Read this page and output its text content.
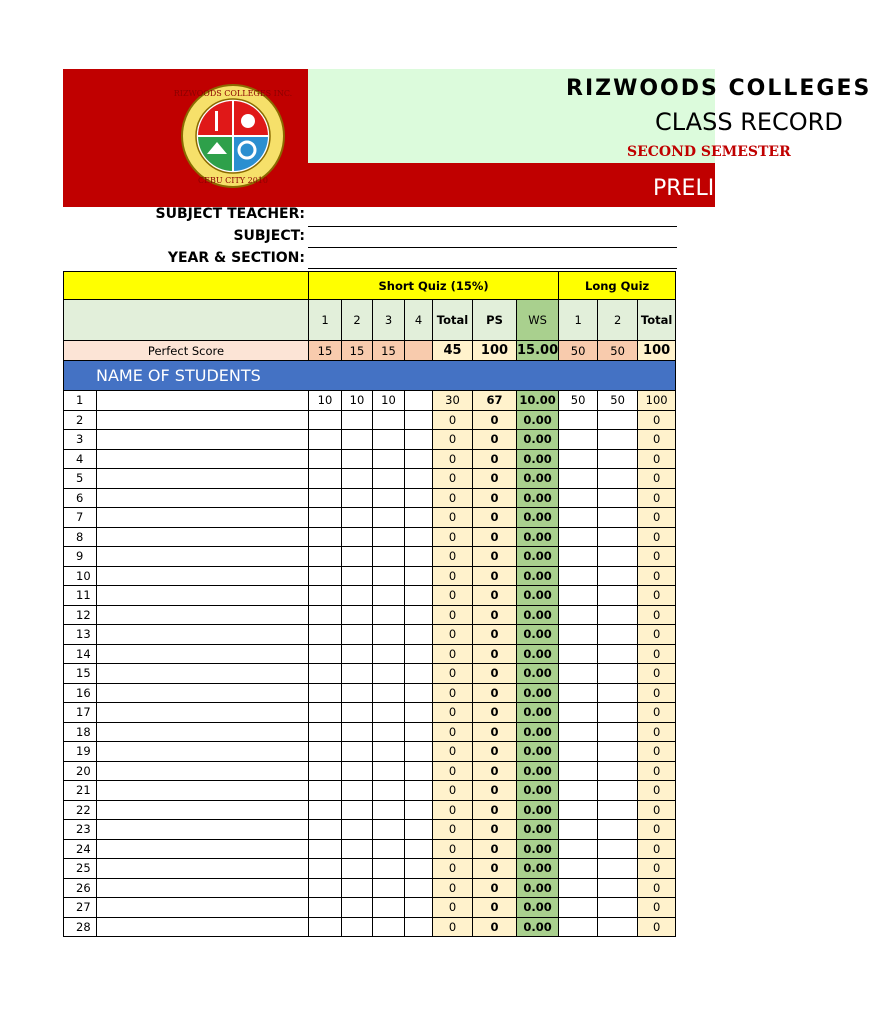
RIZWOODS COLLEGES INC.
CEBU CITY 2010
RIZWOODS COLLEGES
CLASS RECORD
SECOND SEMESTER
PRELIM
SUBJECT TEACHER:
SUBJECT:
YEAR & SECTION:
		Short Quiz (15%)							Long Quiz		
		1	2	3	4	Total	PS	WS	1	2	Total
Perfect Score		15	15	15		45	100	15.00	50	50	100
NAME OF STUDENTS											
1		10	10	10		30	67	10.00	50	50	100
2						0	0	0.00			0
3						0	0	0.00			0
4						0	0	0.00			0
5						0	0	0.00			0
6						0	0	0.00			0
7						0	0	0.00			0
8						0	0	0.00			0
9						0	0	0.00			0
10						0	0	0.00			0
11						0	0	0.00			0
12						0	0	0.00			0
13						0	0	0.00			0
14						0	0	0.00			0
15						0	0	0.00			0
16						0	0	0.00			0
17						0	0	0.00			0
18						0	0	0.00			0
19						0	0	0.00			0
20						0	0	0.00			0
21						0	0	0.00			0
22						0	0	0.00			0
23						0	0	0.00			0
24						0	0	0.00			0
25						0	0	0.00			0
26						0	0	0.00			0
27						0	0	0.00			0
28						0	0	0.00			0
